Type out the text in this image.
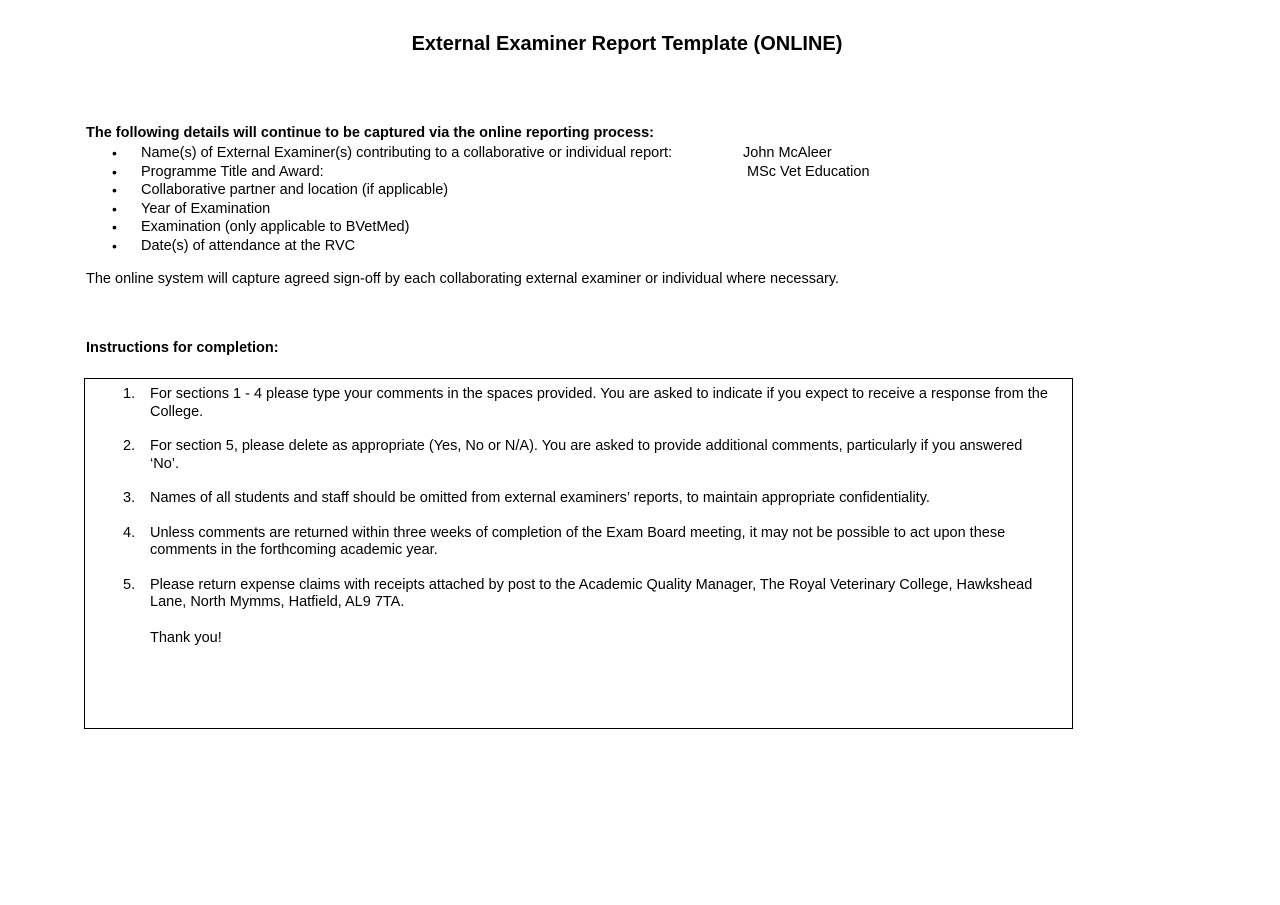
External Examiner Report Template (ONLINE)
The following details will continue to be captured via the online reporting process:
• Name(s) of External Examiner(s) contributing to a collaborative or individual report:	John McAleer
• Programme Title and Award:	MSc Vet Education
• Collaborative partner and location (if applicable)
• Year of Examination
• Examination (only applicable to BVetMed)
• Date(s) of attendance at the RVC
The online system will capture agreed sign-off by each collaborating external examiner or individual where necessary.
Instructions for completion:
1. For sections 1 - 4 please type your comments in the spaces provided. You are asked to indicate if you expect to receive a response from the College.
2. For section 5, please delete as appropriate (Yes, No or N/A). You are asked to provide additional comments, particularly if you answered ‘No’.
3. Names of all students and staff should be omitted from external examiners’ reports, to maintain appropriate confidentiality.
4. Unless comments are returned within three weeks of completion of the Exam Board meeting, it may not be possible to act upon these comments in the forthcoming academic year.
5. Please return expense claims with receipts attached by post to the Academic Quality Manager, The Royal Veterinary College, Hawkshead Lane, North Mymms, Hatfield, AL9 7TA.
Thank you!
